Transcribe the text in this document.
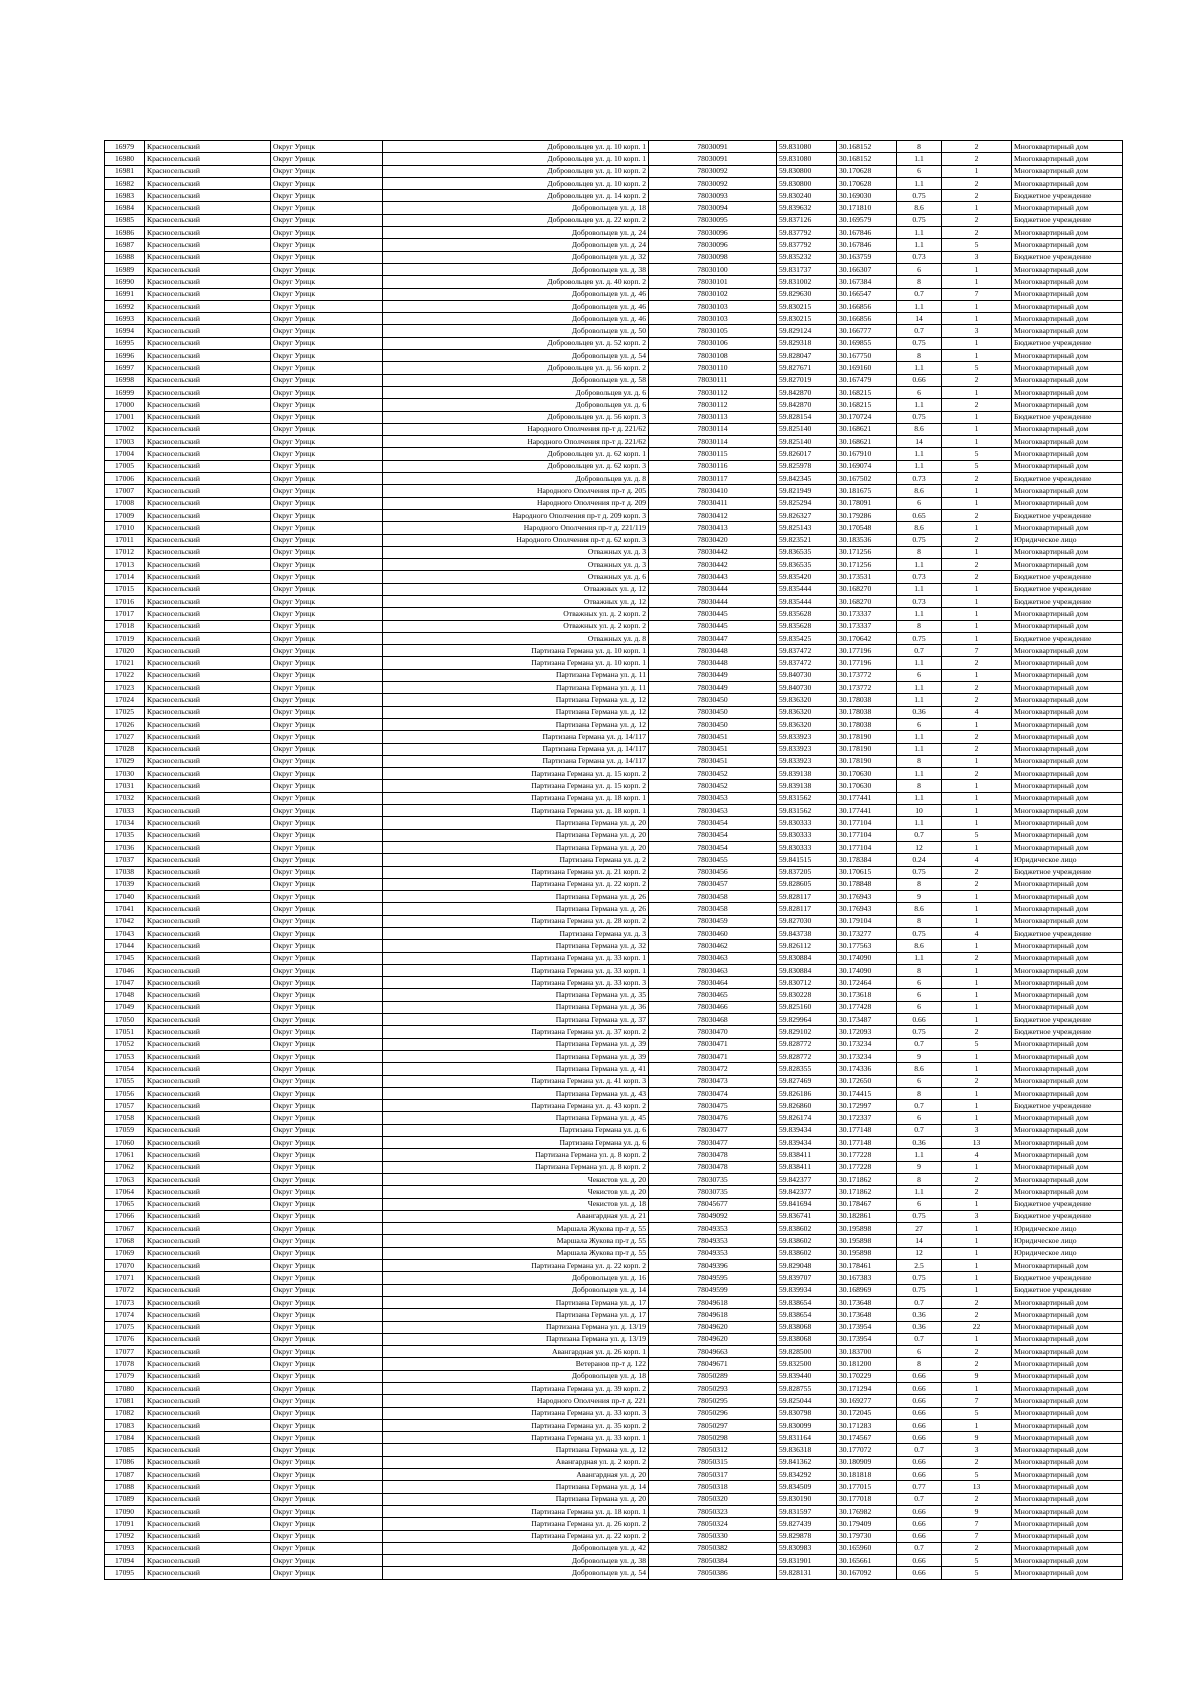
16979	Красносельский	Округ Урицк	Добровольцев ул. д. 10 корп. 1	78030091	59.831080	30.168152	8	2	Многоквартирный дом
16980	Красносельский	Округ Урицк	Добровольцев ул. д. 10 корп. 1	78030091	59.831080	30.168152	1.1	2	Многоквартирный дом
16981	Красносельский	Округ Урицк	Добровольцев ул. д. 10 корп. 2	78030092	59.830800	30.170628	6	1	Многоквартирный дом
16982	Красносельский	Округ Урицк	Добровольцев ул. д. 10 корп. 2	78030092	59.830800	30.170628	1.1	2	Многоквартирный дом
16983	Красносельский	Округ Урицк	Добровольцев ул. д. 14 корп. 2	78030093	59.830240	30.169030	0.75	2	Бюджетное учреждение
16984	Красносельский	Округ Урицк	Добровольцев ул. д. 18	78030094	59.839632	30.171810	8.6	1	Многоквартирный дом
16985	Красносельский	Округ Урицк	Добровольцев ул. д. 22 корп. 2	78030095	59.837126	30.169579	0.75	2	Бюджетное учреждение
16986	Красносельский	Округ Урицк	Добровольцев ул. д. 24	78030096	59.837792	30.167846	1.1	2	Многоквартирный дом
16987	Красносельский	Округ Урицк	Добровольцев ул. д. 24	78030096	59.837792	30.167846	1.1	5	Многоквартирный дом
16988	Красносельский	Округ Урицк	Добровольцев ул. д. 32	78030098	59.835232	30.163759	0.73	3	Бюджетное учреждение
16989	Красносельский	Округ Урицк	Добровольцев ул. д. 38	78030100	59.831737	30.166307	6	1	Многоквартирный дом
16990	Красносельский	Округ Урицк	Добровольцев ул. д. 40 корп. 2	78030101	59.831002	30.167384	8	1	Многоквартирный дом
16991	Красносельский	Округ Урицк	Добровольцев ул. д. 46	78030102	59.829630	30.166547	0.7	7	Многоквартирный дом
16992	Красносельский	Округ Урицк	Добровольцев ул. д. 46	78030103	59.830215	30.166856	1.1	1	Многоквартирный дом
16993	Красносельский	Округ Урицк	Добровольцев ул. д. 46	78030103	59.830215	30.166856	14	1	Многоквартирный дом
16994	Красносельский	Округ Урицк	Добровольцев ул. д. 50	78030105	59.829124	30.166777	0.7	3	Многоквартирный дом
16995	Красносельский	Округ Урицк	Добровольцев ул. д. 52 корп. 2	78030106	59.829318	30.169855	0.75	1	Бюджетное учреждение
16996	Красносельский	Округ Урицк	Добровольцев ул. д. 54	78030108	59.828047	30.167750	8	1	Многоквартирный дом
16997	Красносельский	Округ Урицк	Добровольцев ул. д. 56 корп. 2	78030110	59.827671	30.169160	1.1	5	Многоквартирный дом
16998	Красносельский	Округ Урицк	Добровольцев ул. д. 58	78030111	59.827019	30.167479	0.66	2	Многоквартирный дом
16999	Красносельский	Округ Урицк	Добровольцев ул. д. 6	78030112	59.842870	30.168215	6	1	Многоквартирный дом
17000	Красносельский	Округ Урицк	Добровольцев ул. д. 6	78030112	59.842870	30.168215	1.1	2	Многоквартирный дом
17001	Красносельский	Округ Урицк	Добровольцев ул. д. 56 корп. 3	78030113	59.828154	30.170724	0.75	1	Бюджетное учреждение
17002	Красносельский	Округ Урицк	Народного Ополчения пр-т д. 221/62	78030114	59.825140	30.168621	8.6	1	Многоквартирный дом
17003	Красносельский	Округ Урицк	Народного Ополчения пр-т д. 221/62	78030114	59.825140	30.168621	14	1	Многоквартирный дом
17004	Красносельский	Округ Урицк	Добровольцев ул. д. 62 корп. 1	78030115	59.826017	30.167910	1.1	5	Многоквартирный дом
17005	Красносельский	Округ Урицк	Добровольцев ул. д. 62 корп. 3	78030116	59.825978	30.169074	1.1	5	Многоквартирный дом
17006	Красносельский	Округ Урицк	Добровольцев ул. д. 8	78030117	59.842345	30.167502	0.73	2	Бюджетное учреждение
17007	Красносельский	Округ Урицк	Народного Ополчения пр-т д. 205	78030410	59.821949	30.181675	8.6	1	Многоквартирный дом
17008	Красносельский	Округ Урицк	Народного Ополчения пр-т д. 209	78030411	59.825294	30.178091	6	1	Многоквартирный дом
17009	Красносельский	Округ Урицк	Народного Ополчения пр-т д. 209 корп. 3	78030412	59.826327	30.179286	0.65	2	Бюджетное учреждение
17010	Красносельский	Округ Урицк	Народного Ополчения пр-т д. 221/119	78030413	59.825143	30.170548	8.6	1	Многоквартирный дом
17011	Красносельский	Округ Урицк	Народного Ополчения пр-т д. 62 корп. 3	78030420	59.823521	30.183536	0.75	2	Юридическое лицо
17012	Красносельский	Округ Урицк	Отважных ул. д. 3	78030442	59.836535	30.171256	8	1	Многоквартирный дом
17013	Красносельский	Округ Урицк	Отважных ул. д. 3	78030442	59.836535	30.171256	1.1	2	Многоквартирный дом
17014	Красносельский	Округ Урицк	Отважных ул. д. 6	78030443	59.835420	30.173531	0.73	2	Бюджетное учреждение
17015	Красносельский	Округ Урицк	Отважных ул. д. 12	78030444	59.835444	30.168270	1.1	1	Бюджетное учреждение
17016	Красносельский	Округ Урицк	Отважных ул. д. 12	78030444	59.835444	30.168270	0.73	1	Бюджетное учреждение
17017	Красносельский	Округ Урицк	Отважных ул. д. 2 корп. 2	78030445	59.835628	30.173337	1.1	1	Многоквартирный дом
17018	Красносельский	Округ Урицк	Отважных ул. д. 2 корп. 2	78030445	59.835628	30.173337	8	1	Многоквартирный дом
17019	Красносельский	Округ Урицк	Отважных ул. д. 8	78030447	59.835425	30.170642	0.75	1	Бюджетное учреждение
17020	Красносельский	Округ Урицк	Партизана Германа ул. д. 10 корп. 1	78030448	59.837472	30.177196	0.7	7	Многоквартирный дом
17021	Красносельский	Округ Урицк	Партизана Германа ул. д. 10 корп. 1	78030448	59.837472	30.177196	1.1	2	Многоквартирный дом
17022	Красносельский	Округ Урицк	Партизана Германа ул. д. 11	78030449	59.840730	30.173772	6	1	Многоквартирный дом
17023	Красносельский	Округ Урицк	Партизана Германа ул. д. 11	78030449	59.840730	30.173772	1.1	2	Многоквартирный дом
17024	Красносельский	Округ Урицк	Партизана Германа ул. д. 12	78030450	59.836320	30.178038	1.1	2	Многоквартирный дом
17025	Красносельский	Округ Урицк	Партизана Германа ул. д. 12	78030450	59.836320	30.178038	0.36	4	Многоквартирный дом
17026	Красносельский	Округ Урицк	Партизана Германа ул. д. 12	78030450	59.836320	30.178038	6	1	Многоквартирный дом
17027	Красносельский	Округ Урицк	Партизана Германа ул. д. 14/117	78030451	59.833923	30.178190	1.1	2	Многоквартирный дом
17028	Красносельский	Округ Урицк	Партизана Германа ул. д. 14/117	78030451	59.833923	30.178190	1.1	2	Многоквартирный дом
17029	Красносельский	Округ Урицк	Партизана Германа ул. д. 14/117	78030451	59.833923	30.178190	8	1	Многоквартирный дом
17030	Красносельский	Округ Урицк	Партизана Германа ул. д. 15 корп. 2	78030452	59.839138	30.170630	1.1	2	Многоквартирный дом
17031	Красносельский	Округ Урицк	Партизана Германа ул. д. 15 корп. 2	78030452	59.839138	30.170630	8	1	Многоквартирный дом
17032	Красносельский	Округ Урицк	Партизана Германа ул. д. 18 корп. 1	78030453	59.831562	30.177441	1.1	1	Многоквартирный дом
17033	Красносельский	Округ Урицк	Партизана Германа ул. д. 18 корп. 1	78030453	59.831562	30.177441	10	1	Многоквартирный дом
17034	Красносельский	Округ Урицк	Партизана Германа ул. д. 20	78030454	59.830333	30.177104	1.1	1	Многоквартирный дом
17035	Красносельский	Округ Урицк	Партизана Германа ул. д. 20	78030454	59.830333	30.177104	0.7	5	Многоквартирный дом
17036	Красносельский	Округ Урицк	Партизана Германа ул. д. 20	78030454	59.830333	30.177104	12	1	Многоквартирный дом
17037	Красносельский	Округ Урицк	Партизана Германа ул. д. 2	78030455	59.841515	30.178384	0.24	4	Юридическое лицо
17038	Красносельский	Округ Урицк	Партизана Германа ул. д. 21 корп. 2	78030456	59.837205	30.170615	0.75	2	Бюджетное учреждение
17039	Красносельский	Округ Урицк	Партизана Германа ул. д. 22 корп. 2	78030457	59.828605	30.178848	8	2	Многоквартирный дом
17040	Красносельский	Округ Урицк	Партизана Германа ул. д. 26	78030458	59.828117	30.176943	9	1	Многоквартирный дом
17041	Красносельский	Округ Урицк	Партизана Германа ул. д. 26	78030458	59.828117	30.176943	8.6	1	Многоквартирный дом
17042	Красносельский	Округ Урицк	Партизана Германа ул. д. 28 корп. 2	78030459	59.827030	30.179104	8	1	Многоквартирный дом
17043	Красносельский	Округ Урицк	Партизана Германа ул. д. 3	78030460	59.843738	30.173277	0.75	4	Бюджетное учреждение
17044	Красносельский	Округ Урицк	Партизана Германа ул. д. 32	78030462	59.826112	30.177563	8.6	1	Многоквартирный дом
17045	Красносельский	Округ Урицк	Партизана Германа ул. д. 33 корп. 1	78030463	59.830884	30.174090	1.1	2	Многоквартирный дом
17046	Красносельский	Округ Урицк	Партизана Германа ул. д. 33 корп. 1	78030463	59.830884	30.174090	8	1	Многоквартирный дом
17047	Красносельский	Округ Урицк	Партизана Германа ул. д. 33 корп. 3	78030464	59.830712	30.172464	6	1	Многоквартирный дом
17048	Красносельский	Округ Урицк	Партизана Германа ул. д. 35	78030465	59.830228	30.173618	6	1	Многоквартирный дом
17049	Красносельский	Округ Урицк	Партизана Германа ул. д. 36	78030466	59.825160	30.177428	6	1	Многоквартирный дом
17050	Красносельский	Округ Урицк	Партизана Германа ул. д. 37	78030468	59.829964	30.173487	0.66	1	Бюджетное учреждение
17051	Красносельский	Округ Урицк	Партизана Германа ул. д. 37 корп. 2	78030470	59.829102	30.172093	0.75	2	Бюджетное учреждение
17052	Красносельский	Округ Урицк	Партизана Германа ул. д. 39	78030471	59.828772	30.173234	0.7	5	Многоквартирный дом
17053	Красносельский	Округ Урицк	Партизана Германа ул. д. 39	78030471	59.828772	30.173234	9	1	Многоквартирный дом
17054	Красносельский	Округ Урицк	Партизана Германа ул. д. 41	78030472	59.828355	30.174336	8.6	1	Многоквартирный дом
17055	Красносельский	Округ Урицк	Партизана Германа ул. д. 41 корп. 3	78030473	59.827469	30.172650	6	2	Многоквартирный дом
17056	Красносельский	Округ Урицк	Партизана Германа ул. д. 43	78030474	59.826186	30.174415	8	1	Многоквартирный дом
17057	Красносельский	Округ Урицк	Партизана Германа ул. д. 43 корп. 2	78030475	59.826860	30.172997	0.7	1	Бюджетное учреждение
17058	Красносельский	Округ Урицк	Партизана Германа ул. д. 45	78030476	59.826174	30.172337	6	1	Многоквартирный дом
17059	Красносельский	Округ Урицк	Партизана Германа ул. д. 6	78030477	59.839434	30.177148	0.7	3	Многоквартирный дом
17060	Красносельский	Округ Урицк	Партизана Германа ул. д. 6	78030477	59.839434	30.177148	0.36	13	Многоквартирный дом
17061	Красносельский	Округ Урицк	Партизана Германа ул. д. 8 корп. 2	78030478	59.838411	30.177228	1.1	4	Многоквартирный дом
17062	Красносельский	Округ Урицк	Партизана Германа ул. д. 8 корп. 2	78030478	59.838411	30.177228	9	1	Многоквартирный дом
17063	Красносельский	Округ Урицк	Чекистов ул. д. 20	78030735	59.842377	30.171862	8	2	Многоквартирный дом
17064	Красносельский	Округ Урицк	Чекистов ул. д. 20	78030735	59.842377	30.171862	1.1	2	Многоквартирный дом
17065	Красносельский	Округ Урицк	Чекистов ул. д. 18	78045677	59.841694	30.178467	6	1	Бюджетное учреждение
17066	Красносельский	Округ Урицк	Авангардная ул. д. 21	78049092	59.836741	30.182861	0.75	3	Бюджетное учреждение
17067	Красносельский	Округ Урицк	Маршала Жукова пр-т д. 55	78049353	59.838602	30.195898	27	1	Юридическое лицо
17068	Красносельский	Округ Урицк	Маршала Жукова пр-т д. 55	78049353	59.838602	30.195898	14	1	Юридическое лицо
17069	Красносельский	Округ Урицк	Маршала Жукова пр-т д. 55	78049353	59.838602	30.195898	12	1	Юридическое лицо
17070	Красносельский	Округ Урицк	Партизана Германа ул. д. 22 корп. 2	78049396	59.829048	30.178461	2.5	1	Многоквартирный дом
17071	Красносельский	Округ Урицк	Добровольцев ул. д. 16	78049595	59.839707	30.167383	0.75	1	Бюджетное учреждение
17072	Красносельский	Округ Урицк	Добровольцев ул. д. 14	78049599	59.839934	30.168969	0.75	1	Бюджетное учреждение
17073	Красносельский	Округ Урицк	Партизана Германа ул. д. 17	78049618	59.838654	30.173648	0.7	2	Многоквартирный дом
17074	Красносельский	Округ Урицк	Партизана Германа ул. д. 17	78049618	59.838654	30.173648	0.36	2	Многоквартирный дом
17075	Красносельский	Округ Урицк	Партизана Германа ул. д. 13/19	78049620	59.838068	30.173954	0.36	22	Многоквартирный дом
17076	Красносельский	Округ Урицк	Партизана Германа ул. д. 13/19	78049620	59.838068	30.173954	0.7	1	Многоквартирный дом
17077	Красносельский	Округ Урицк	Авангардная ул. д. 26 корп. 1	78049663	59.828500	30.183700	6	2	Многоквартирный дом
17078	Красносельский	Округ Урицк	Ветеранов пр-т д. 122	78049671	59.832500	30.181200	8	2	Многоквартирный дом
17079	Красносельский	Округ Урицк	Добровольцев ул. д. 18	78050289	59.839440	30.170229	0.66	9	Многоквартирный дом
17080	Красносельский	Округ Урицк	Партизана Германа ул. д. 39 корп. 2	78050293	59.828755	30.171294	0.66	1	Многоквартирный дом
17081	Красносельский	Округ Урицк	Народного Ополчения пр-т д. 221	78050295	59.825044	30.169277	0.66	7	Многоквартирный дом
17082	Красносельский	Округ Урицк	Партизана Германа ул. д. 33 корп. 3	78050296	59.830798	30.172045	0.66	5	Многоквартирный дом
17083	Красносельский	Округ Урицк	Партизана Германа ул. д. 35 корп. 2	78050297	59.830099	30.171283	0.66	1	Многоквартирный дом
17084	Красносельский	Округ Урицк	Партизана Германа ул. д. 33 корп. 1	78050298	59.831164	30.174567	0.66	9	Многоквартирный дом
17085	Красносельский	Округ Урицк	Партизана Германа ул. д. 12	78050312	59.836318	30.177072	0.7	3	Многоквартирный дом
17086	Красносельский	Округ Урицк	Авангардная ул. д. 2 корп. 2	78050315	59.841362	30.180909	0.66	2	Многоквартирный дом
17087	Красносельский	Округ Урицк	Авангардная ул. д. 20	78050317	59.834292	30.181818	0.66	5	Многоквартирный дом
17088	Красносельский	Округ Урицк	Партизана Германа ул. д. 14	78050318	59.834509	30.177015	0.77	13	Многоквартирный дом
17089	Красносельский	Округ Урицк	Партизана Германа ул. д. 20	78050320	59.830190	30.177018	0.7	2	Многоквартирный дом
17090	Красносельский	Округ Урицк	Партизана Германа ул. д. 18 корп. 1	78050323	59.831597	30.176982	0.66	9	Многоквартирный дом
17091	Красносельский	Округ Урицк	Партизана Германа ул. д. 26 корп. 2	78050324	59.827439	30.179409	0.66	7	Многоквартирный дом
17092	Красносельский	Округ Урицк	Партизана Германа ул. д. 22 корп. 2	78050330	59.829878	30.179730	0.66	7	Многоквартирный дом
17093	Красносельский	Округ Урицк	Добровольцев ул. д. 42	78050382	59.830983	30.165960	0.7	2	Многоквартирный дом
17094	Красносельский	Округ Урицк	Добровольцев ул. д. 38	78050384	59.831901	30.165661	0.66	5	Многоквартирный дом
17095	Красносельский	Округ Урицк	Добровольцев ул. д. 54	78050386	59.828131	30.167092	0.66	5	Многоквартирный дом
